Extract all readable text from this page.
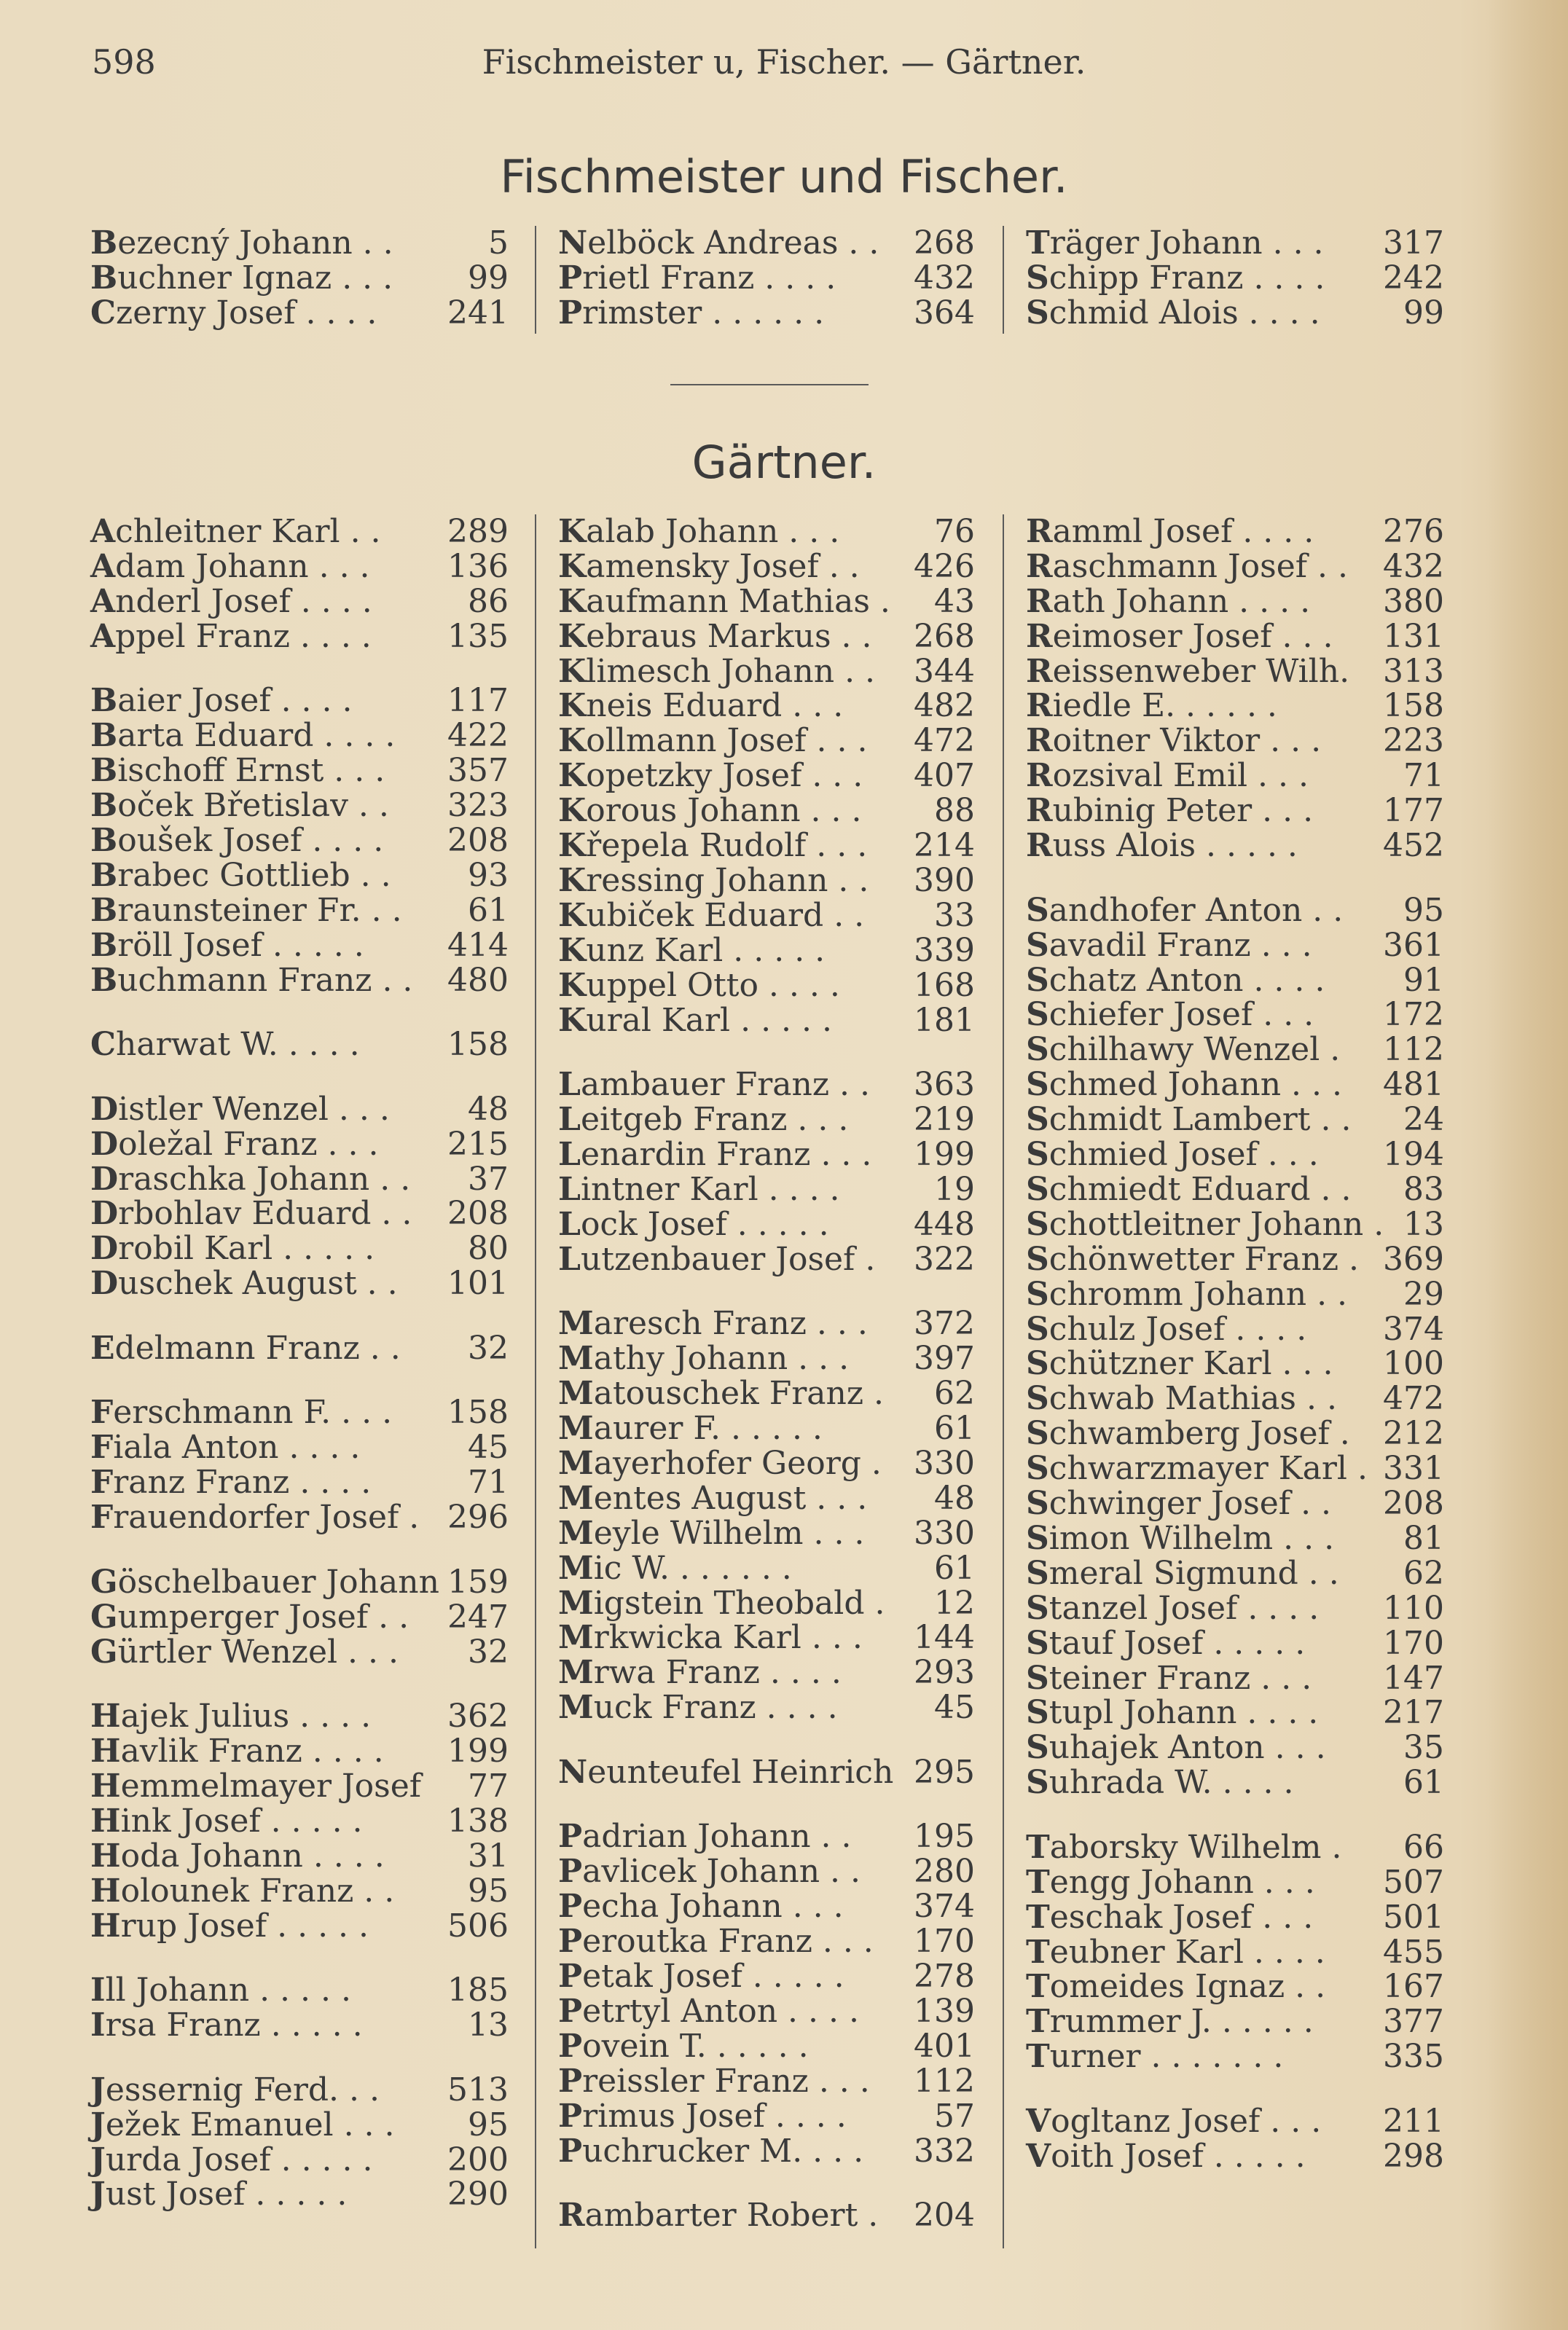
598	Fischmeister u, Fischer. — Gärtner.
Fischmeister und Fischer.
Bezecný Johann . .	5
Buchner Ignaz . . . 99
Czerny Josef . . . . 241
Nelböck Andreas . . 268
Prietl Franz . . . . 432
Primster . . . . . .	364
Träger Johann . . . 317
Schipp Franz . . . . 242
Schmid Alois . . . .	99
Gärtner.
Achleitner Karl . . 289
Adam Johann . . . 136
Anderl Josef . . . .	86
Appel Franz . . . . 135
Baier Josef . . . .	117
Barta Eduard . . . . 422
Bischoff Ernst . . . 357
Boček Břetislav . . 323
Boušek Josef . . . . 208
Brabec Gottlieb . . 93
Braunsteiner Fr. . . 61
Bröll Josef . . . . .	414
Buchmann Franz . . 480
Charwat W. . . . .	158
Distler Wenzel . . . 48
Doležal Franz . . . 215
Draschka Johann . . 37
Drbohlav Eduard . . 208
Drobil Karl . . . . .	80
Duschek August . . 101
Edelmann Franz . . 32
Ferschmann F. . . . 158
Fiala Anton . . . .	45
Franz Franz . . . .	71
Frauendorfer Josef . 296
Göschelbauer Johann 159
Gumperger Josef . . 247
Gürtler Wenzel . . . 32
Hajek Julius . . . . 362
Havlik Franz . . . . 199
Hemmelmayer Josef 77
Hink Josef . . . . .	138
Hoda Johann . . . .	31
Holounek Franz . . 95
Hrup Josef . . . . . 506
Ill Johann . . . . .	185
Irsa Franz . . . . .	13
Jessernig Ferd. . . 513
Ježek Emanuel . . . 95
Jurda Josef . . . . . 200
Just Josef . . . . .	290
Kalab Johann . . .	76
Kamensky Josef . . 426
Kaufmann Mathias . 43
Kebraus Markus . . 268
Klimesch Johann . . 344
Kneis Eduard . . . 482
Kollmann Josef . . . 472
Kopetzky Josef . . . 407
Korous Johann . . . 88
Křepela Rudolf . . . 214
Kressing Johann . . 390
Kubiček Eduard . . 33
Kunz Karl . . . . .	339
Kuppel Otto . . . . 168
Kural Karl . . . . .	181
Lambauer Franz . . 363
Leitgeb Franz . . . 219
Lenardin Franz . . . 199
Lintner Karl . . . .	19
Lock Josef . . . . .	448
Lutzenbauer Josef . 322
Maresch Franz . . . 372
Mathy Johann . . . 397
Matouschek Franz . 62
Maurer F. . . . . .	61
Mayerhofer Georg . 330
Mentes August . . . 48
Meyle Wilhelm . . . 330
Mic W. . . . . . .	61
Migstein Theobald . 12
Mrkwicka Karl . . . 144
Mrwa Franz . . . . 293
Muck Franz . . . .	45
Neunteufel Heinrich 295
Padrian Johann . . 195
Pavlicek Johann . . 280
Pecha Johann . . . 374
Peroutka Franz . . . 170
Petak Josef . . . . . 278
Petrtyl Anton . . . . 139
Povein T. . . . . .	401
Preissler Franz . . . 112
Primus Josef . . . .	57
Puchrucker M. . . . 332
Rambarter Robert . 204
Ramml Josef . . . . 276
Raschmann Josef . . 432
Rath Johann . . . . 380
Reimoser Josef . . . 131
Reissenweber Wilh. 313
Riedle E. . . . . .	158
Roitner Viktor . . . 223
Rozsival Emil . . .	71
Rubinig Peter . . . 177
Russ Alois . . . . .	452
Sandhofer Anton . . 95
Savadil Franz . . . 361
Schatz Anton . . . . 91
Schiefer Josef . . . 172
Schilhawy Wenzel . 112
Schmed Johann . . . 481
Schmidt Lambert . . 24
Schmied Josef . . . 194
Schmiedt Eduard . . 83
Schottleitner Johann . 13
Schönwetter Franz . 369
Schromm Johann . . 29
Schulz Josef . . . . 374
Schützner Karl . . . 100
Schwab Mathias . . 472
Schwamberg Josef . 212
Schwarzmayer Karl . 331
Schwinger Josef . . 208
Simon Wilhelm . . . 81
Smeral Sigmund . . 62
Stanzel Josef . . . . 110
Stauf Josef . . . . . 170
Steiner Franz . . . 147
Stupl Johann . . . . 217
Suhajek Anton . . . 35
Suhrada W. . . . .	61
Taborsky Wilhelm . 66
Tengg Johann . . . 507
Teschak Josef . . . 501
Teubner Karl . . . . 455
Tomeides Ignaz . . 167
Trummer J. . . . . . 377
Turner . . . . . . .	335
Vogltanz Josef . . . 211
Voith Josef . . . . . 298
